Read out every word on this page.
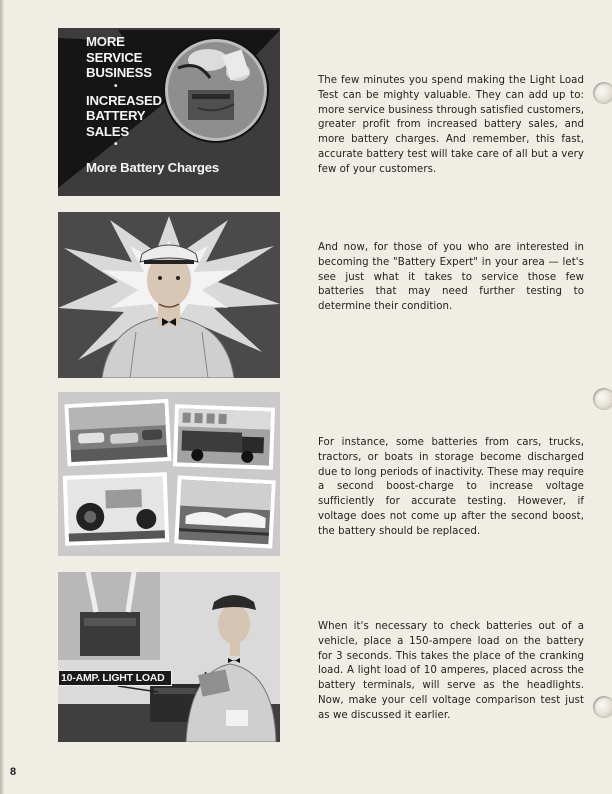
MORE
SERVICE
BUSINESS
•
INCREASED
BATTERY
SALES
•
More Battery Charges
The few minutes you spend making the Light Load Test can be mighty valuable. They can add up to: more service business through satisfied customers, greater profit from increased battery sales, and more battery charges. And remember, this fast, accurate battery test will take care of all but a very few of your customers.
And now, for those of you who are interested in becoming the "Battery Expert" in your area — let's see just what it takes to service those few batteries that may need further testing to determine their condition.
For instance, some batteries from cars, trucks, tractors, or boats in storage become discharged due to long periods of inactivity. These may require a second boost-charge to increase voltage sufficiently for accurate testing. However, if voltage does not come up after the second boost, the battery should be replaced.
10-AMP. LIGHT LOAD
When it's necessary to check batteries out of a vehicle, place a 150-ampere load on the battery for 3 seconds. This takes the place of the cranking load. A light load of 10 amperes, placed across the battery terminals, will serve as the headlights. Now, make your cell voltage comparison test just as we discussed it earlier.
8
